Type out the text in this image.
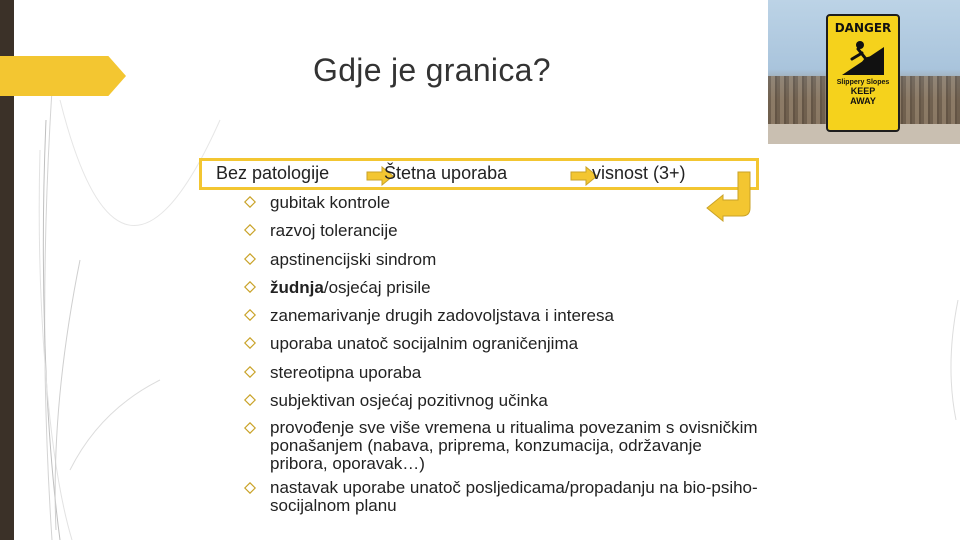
Gdje je granica?
DANGER
Slippery Slopes
KEEP
AWAY
Bez patologije	Štetna uporaba	visnost (3+)
gubitak kontrole
razvoj tolerancije
apstinencijski sindrom
žudnja/osjećaj prisile
zanemarivanje drugih zadovoljstava i interesa
uporaba unatoč socijalnim ograničenjima
stereotipna uporaba
subjektivan osjećaj pozitivnog učinka
provođenje sve više vremena u ritualima povezanim s ovisničkim ponašanjem (nabava, priprema, konzumacija, održavanje pribora, oporavak…)
nastavak uporabe unatoč posljedicama/propadanju na bio-psiho-socijalnom planu
